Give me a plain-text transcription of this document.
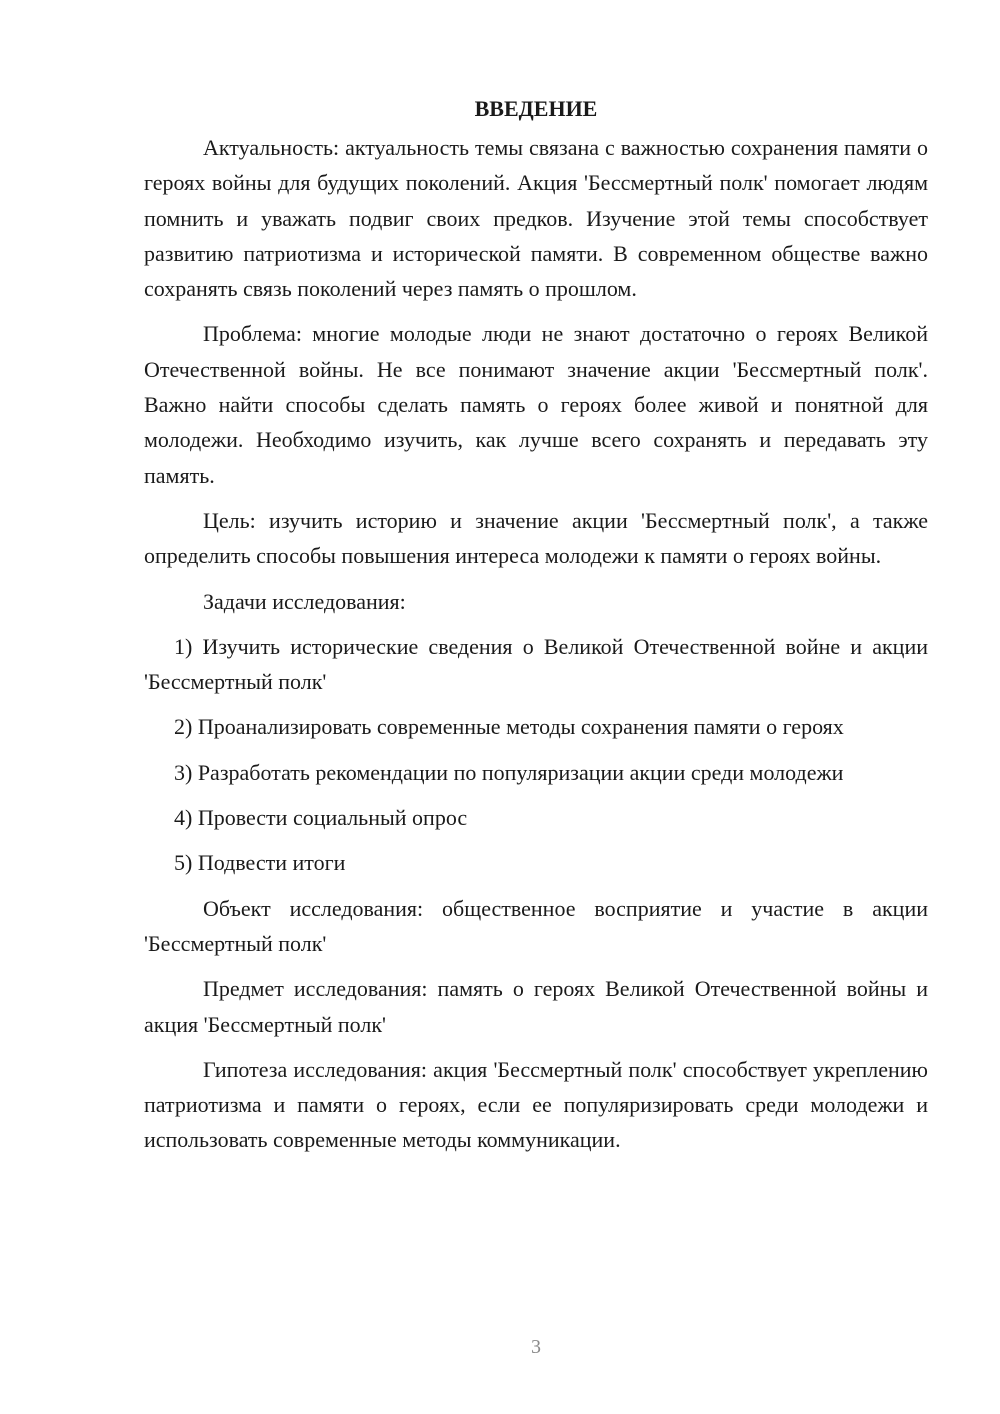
ВВЕДЕНИЕ

Актуальность: актуальность темы связана с важностью сохранения памяти о героях войны для будущих поколений. Акция 'Бессмертный полк' помогает людям помнить и уважать подвиг своих предков. Изучение этой темы способствует развитию патриотизма и исторической памяти. В современном обществе важно сохранять связь поколений через память о прошлом.

Проблема: многие молодые люди не знают достаточно о героях Великой Отечественной войны. Не все понимают значение акции 'Бессмертный полк'. Важно найти способы сделать память о героях более живой и понятной для молодежи. Необходимо изучить, как лучше всего сохранять и передавать эту память.

Цель: изучить историю и значение акции 'Бессмертный полк', а также определить способы повышения интереса молодежи к памяти о героях войны.

Задачи исследования:

1) Изучить исторические сведения о Великой Отечественной войне и акции 'Бессмертный полк'

2) Проанализировать современные методы сохранения памяти о героях

3) Разработать рекомендации по популяризации акции среди молодежи

4) Провести социальный опрос

5) Подвести итоги

Объект исследования: общественное восприятие и участие в акции 'Бессмертный полк'

Предмет исследования: память о героях Великой Отечественной войны и акция 'Бессмертный полк'

Гипотеза исследования: акция 'Бессмертный полк' способствует укреплению патриотизма и памяти о героях, если ее популяризировать среди молодежи и использовать современные методы коммуникации.

3
